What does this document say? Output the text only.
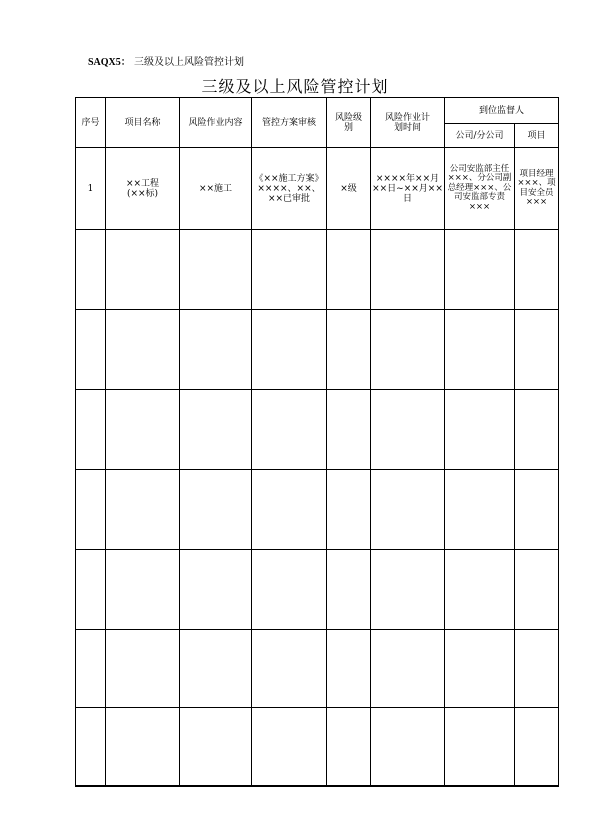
SAQX5： 三级及以上风险管控计划
三级及以上风险管控计划
序号	项目名称	风险作业内容	管控方案审核	风险级别	风险作业计划时间	到位监督人	
						公司/分公司	项目
1	××工程(××标)	××施工	《××施工方案》××××、××、××已审批	×级	××××年××月××日~××月××日	公司安监部主任×××、分公司副总经理×××、公司安监部专责×××	项目经理×××、项目安全员×××
